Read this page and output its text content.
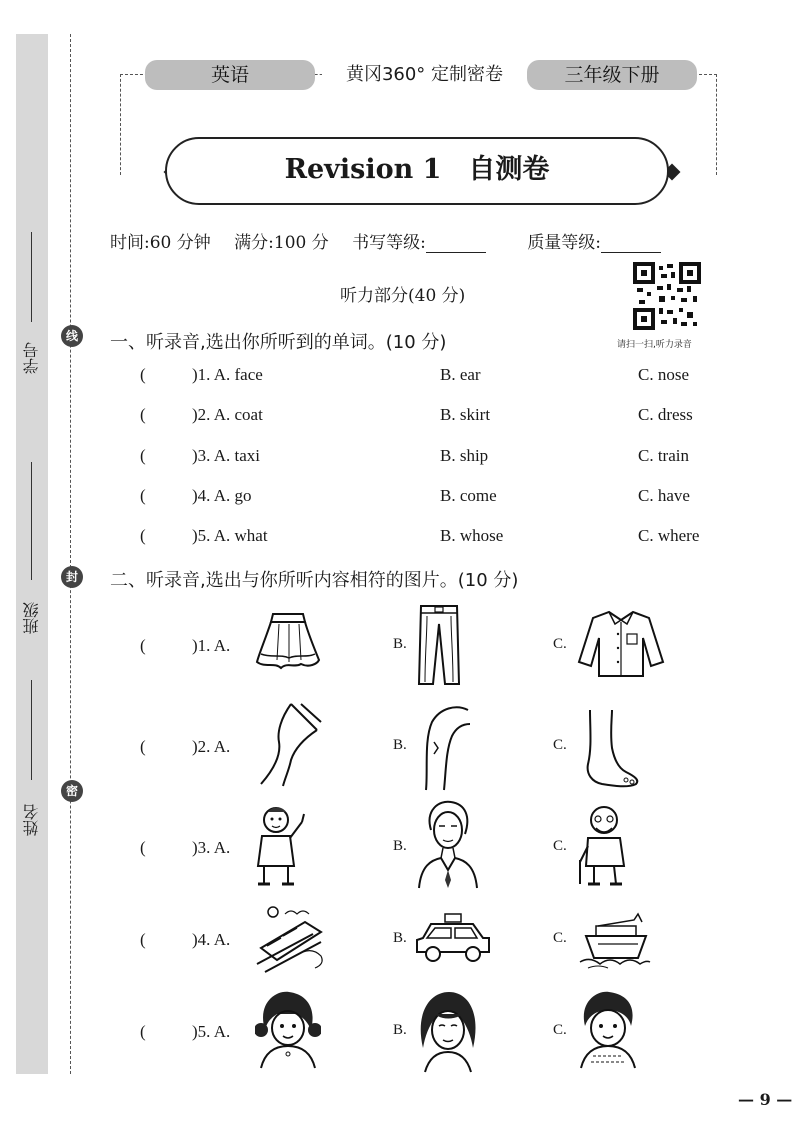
学号
班级
姓名
线
封
密
英语	黄冈360° 定制密卷	三年级下册
Revision 1　自测卷
时间:60 分钟 满分:100 分 书写等级:	质量等级:
听力部分(40 分)
请扫一扫,听力录音
一、听录音,选出你所听到的单词。(10 分)
(	)1. A. face	B. ear	C. nose
(	)2. A. coat	B. skirt	C. dress
(	)3. A. taxi	B. ship	C. train
(	)4. A. go	B. come	C. have
(	)5. A. what	B. whose	C. where
二、听录音,选出与你所听内容相符的图片。(10 分)
(	)1. A.	B.	C.
(	)2. A.	B.	C.
(	)3. A.	B.	C.
(	)4. A.	B.	C.
(	)5. A.	B.	C.
— 9 —
